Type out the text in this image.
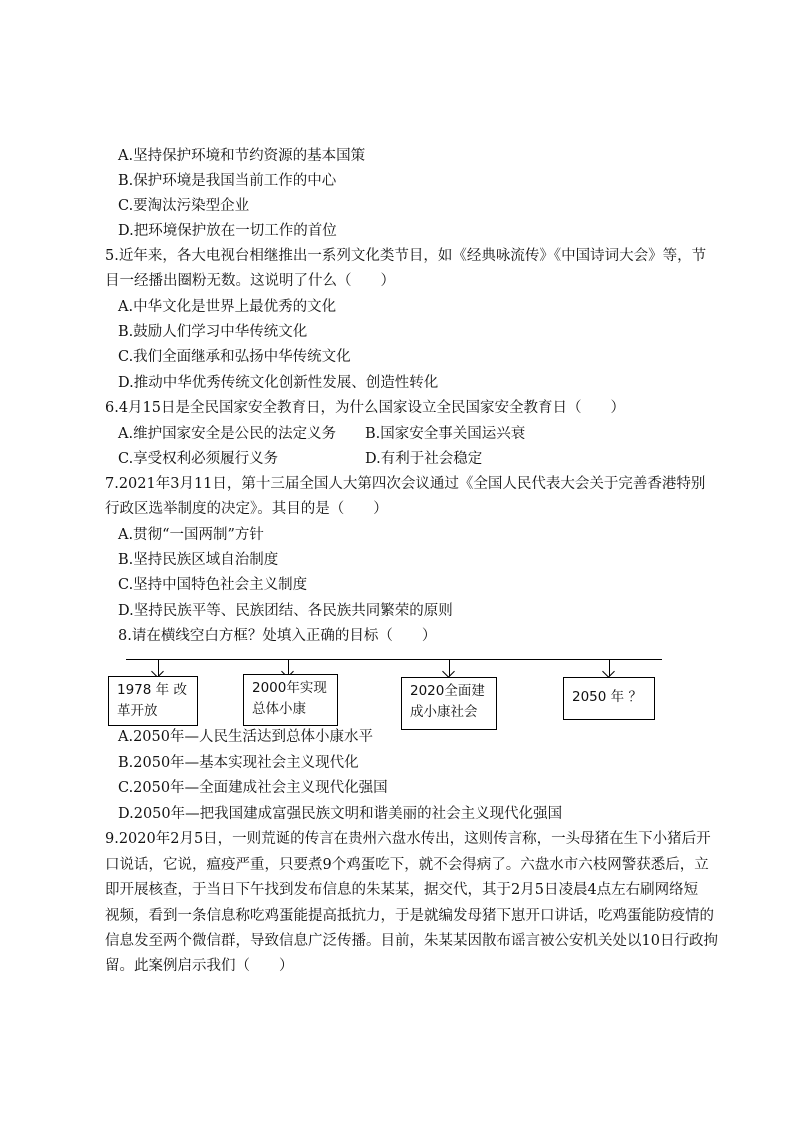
A.坚持保护环境和节约资源的基本国策
B.保护环境是我国当前工作的中心
C.要淘汰污染型企业
D.把环境保护放在一切工作的首位
5.近年来，各大电视台相继推出一系列文化类节目，如《经典咏流传》《中国诗词大会》等，节
目一经播出圈粉无数。这说明了什么（　　）
A.中华文化是世界上最优秀的文化
B.鼓励人们学习中华传统文化
C.我们全面继承和弘扬中华传统文化
D.推动中华优秀传统文化创新性发展、创造性转化
6.4月15日是全民国家安全教育日，为什么国家设立全民国家安全教育日（　　）
A.维护国家安全是公民的法定义务 B.国家安全事关国运兴衰
C.享受权利必须履行义务	D.有利于社会稳定
7.2021年3月11日，第十三届全国人大第四次会议通过《全国人民代表大会关于完善香港特别
行政区选举制度的决定》。其目的是（　　）
A.贯彻“一国两制”方针
B.坚持民族区域自治制度
C.坚持中国特色社会主义制度
D.坚持民族平等、民族团结、各民族共同繁荣的原则
8.请在横线空白方框？处填入正确的目标（　　）
1978 年 改
革开放
2000年实现
总体小康
2020全面建
成小康社会
2050 年 ？
A.2050年—人民生活达到总体小康水平
B.2050年—基本实现社会主义现代化
C.2050年—全面建成社会主义现代化强国
D.2050年—把我国建成富强民族文明和谐美丽的社会主义现代化强国
9.2020年2月5日，一则荒诞的传言在贵州六盘水传出，这则传言称，一头母猪在生下小猪后开
口说话，它说，瘟疫严重，只要煮9个鸡蛋吃下，就不会得病了。六盘水市六枝网警获悉后，立
即开展核查，于当日下午找到发布信息的朱某某，据交代，其于2月5日凌晨4点左右刷网络短
视频，看到一条信息称吃鸡蛋能提高抵抗力，于是就编发母猪下崽开口讲话，吃鸡蛋能防疫情的
信息发至两个微信群，导致信息广泛传播。目前，朱某某因散布谣言被公安机关处以10日行政拘
留。此案例启示我们（　　）
